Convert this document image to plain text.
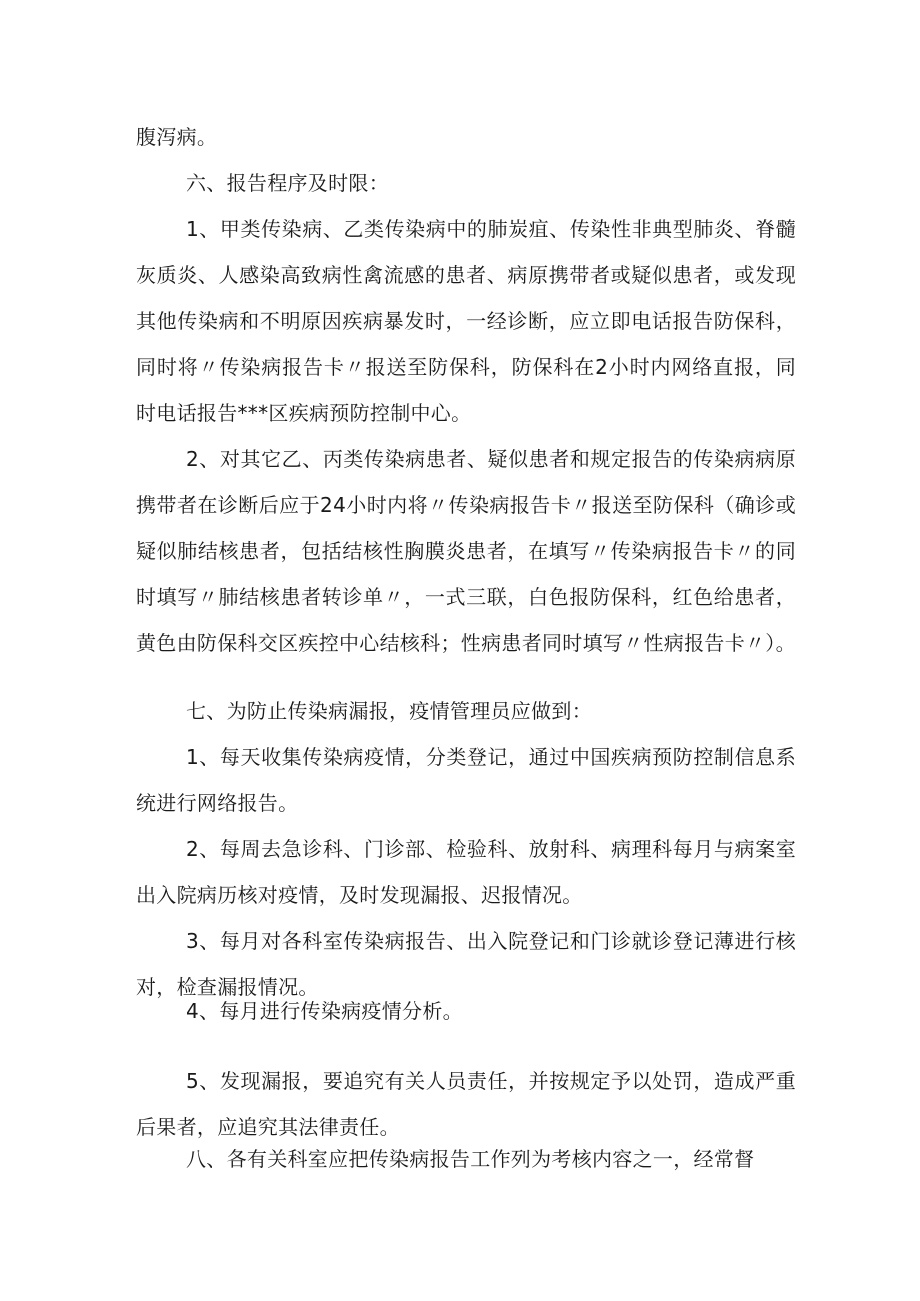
腹泻病。

六、报告程序及时限：

1、甲类传染病、乙类传染病中的肺炭疽、传染性非典型肺炎、脊髓灰质炎、人感染高致病性禽流感的患者、病原携带者或疑似患者，或发现其他传染病和不明原因疾病暴发时，一经诊断，应立即电话报告防保科，同时将〃传染病报告卡〃报送至防保科，防保科在2小时内网络直报，同时电话报告***区疾病预防控制中心。

2、对其它乙、丙类传染病患者、疑似患者和规定报告的传染病病原携带者在诊断后应于24小时内将〃传染病报告卡〃报送至防保科（确诊或疑似肺结核患者，包括结核性胸膜炎患者，在填写〃传染病报告卡〃的同时填写〃肺结核患者转诊单〃，一式三联，白色报防保科，红色给患者，黄色由防保科交区疾控中心结核科；性病患者同时填写〃性病报告卡〃）。

七、为防止传染病漏报，疫情管理员应做到：

1、每天收集传染病疫情，分类登记，通过中国疾病预防控制信息系统进行网络报告。

2、每周去急诊科、门诊部、检验科、放射科、病理科每月与病案室出入院病历核对疫情，及时发现漏报、迟报情况。

3、每月对各科室传染病报告、出入院登记和门诊就诊登记薄进行核对，检查漏报情况。

4、每月进行传染病疫情分析。

5、发现漏报，要追究有关人员责任，并按规定予以处罚，造成严重后果者，应追究其法律责任。

八、各有关科室应把传染病报告工作列为考核内容之一，经常督
